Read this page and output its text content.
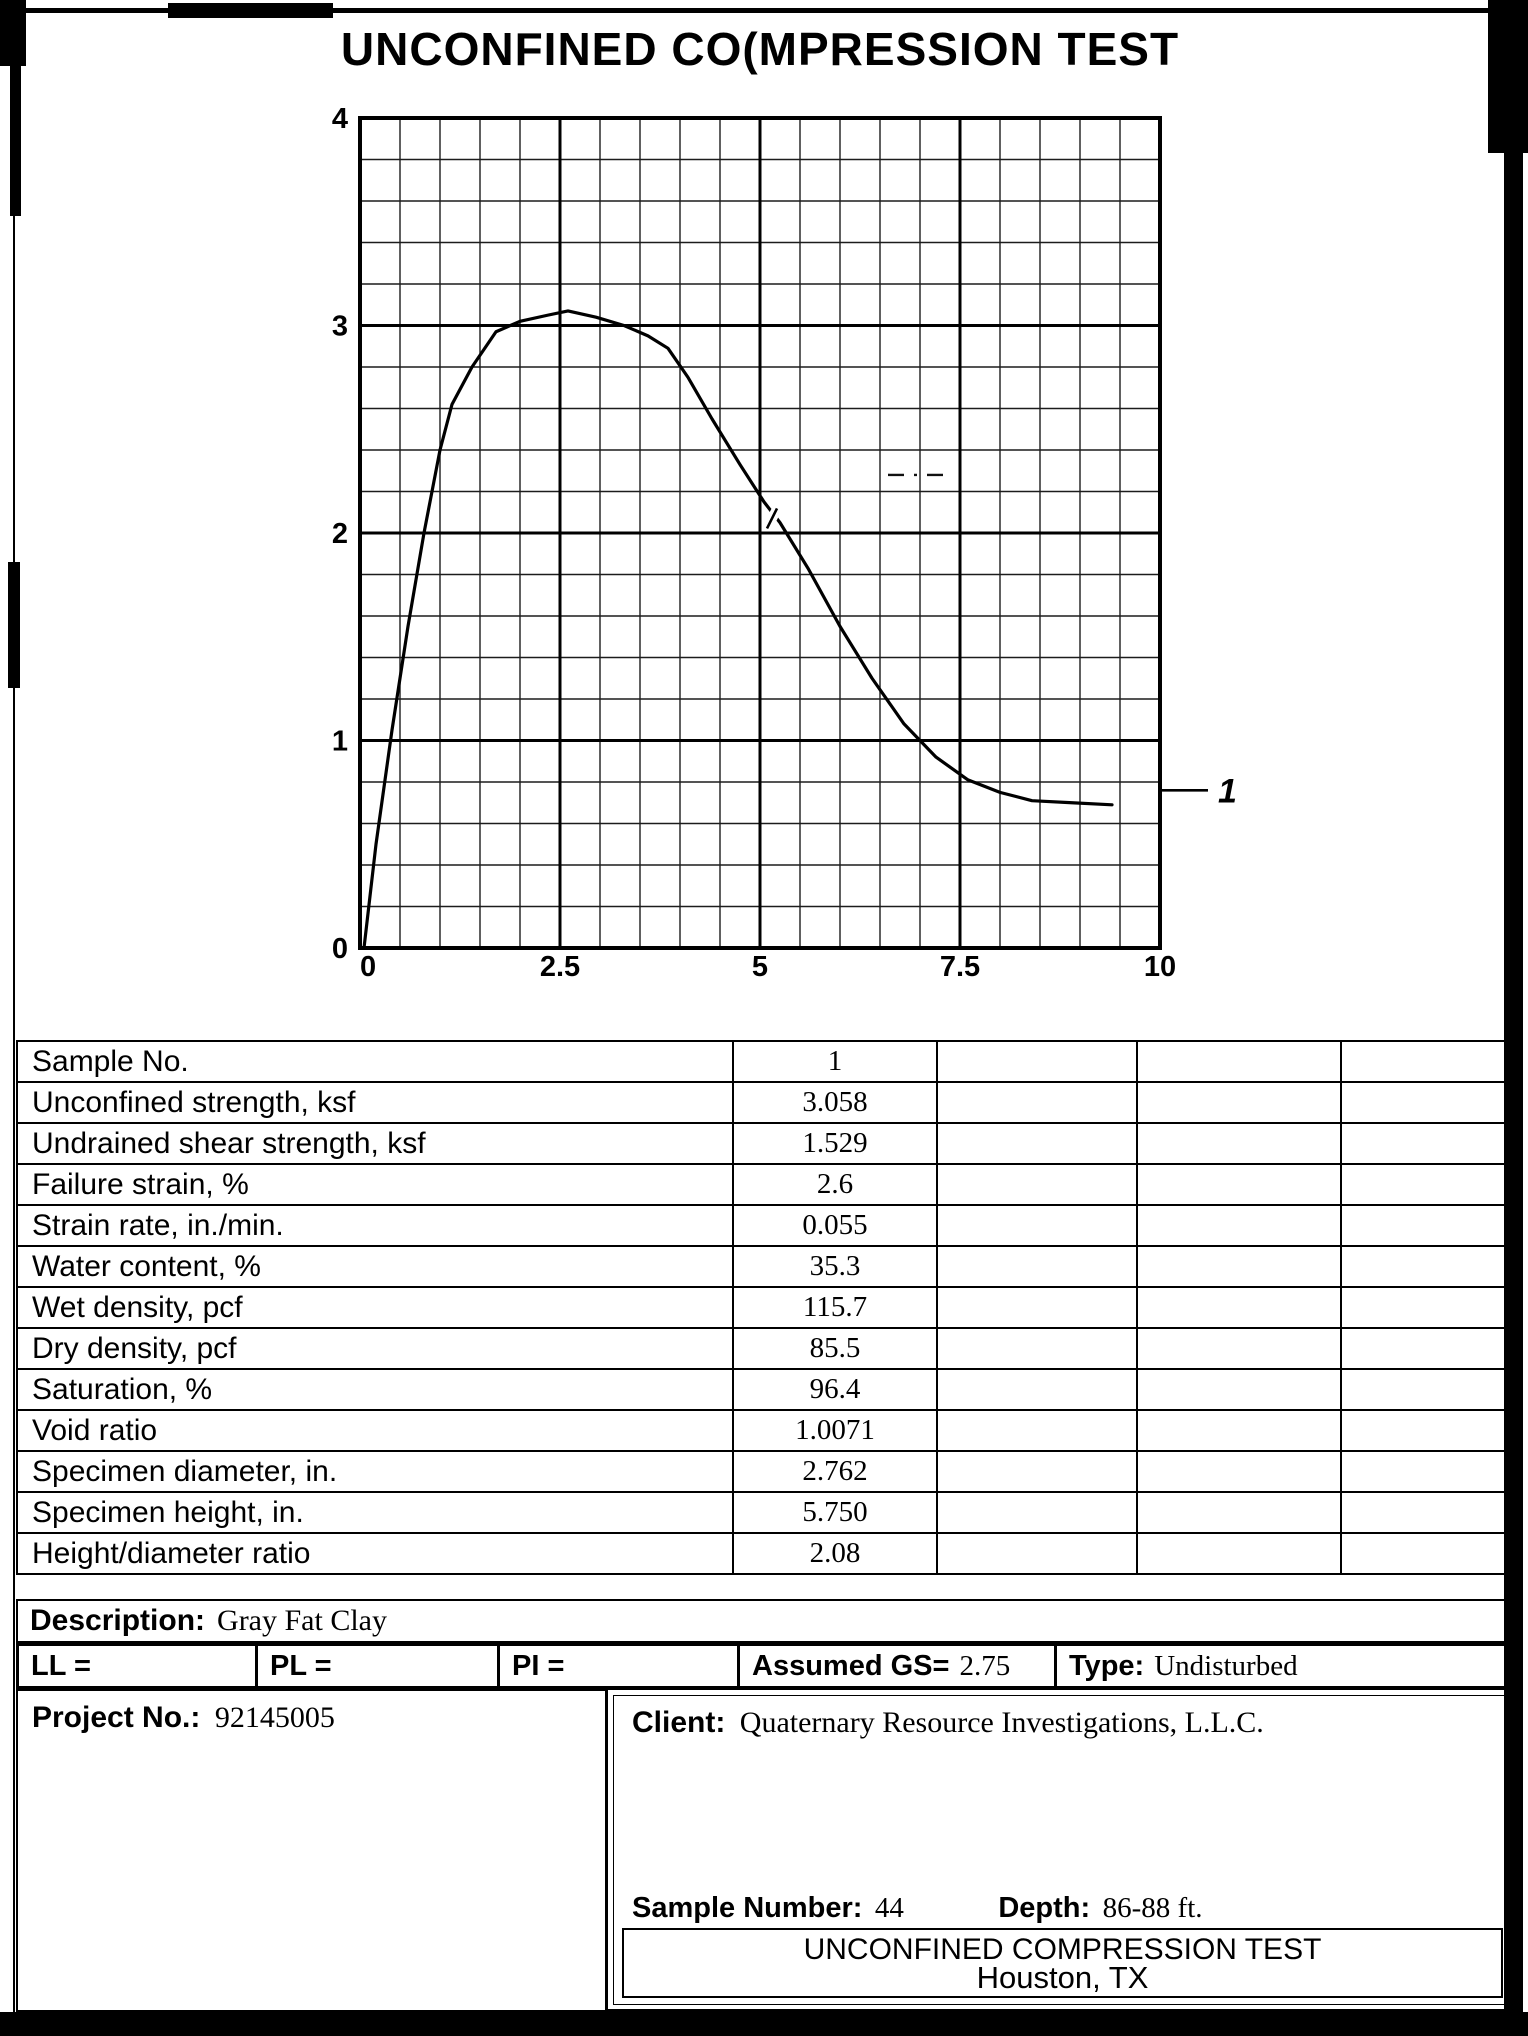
UNCONFINED CO(MPRESSION TEST
0	2.5	5	7.5	10
0
1
2
3
4
1
Sample No.	1			
Unconfined strength, ksf	3.058			
Undrained shear strength, ksf	1.529			
Failure strain, %	2.6			
Strain rate, in./min.	0.055			
Water content, %	35.3			
Wet density, pcf	115.7			
Dry density, pcf	85.5			
Saturation, %	96.4			
Void ratio	1.0071			
Specimen diameter, in.	2.762			
Specimen height, in.	5.750			
Height/diameter ratio	2.08			
Description: Gray Fat Clay
LL =	PL =	PI =	Assumed GS= 2.75 Type: Undisturbed
Project No.: 92145005	Client: Quaternary Resource Investigations, L.L.C.
Sample Number: 44	Depth: 86-88 ft.
UNCONFINED COMPRESSION TEST
Houston, TX
